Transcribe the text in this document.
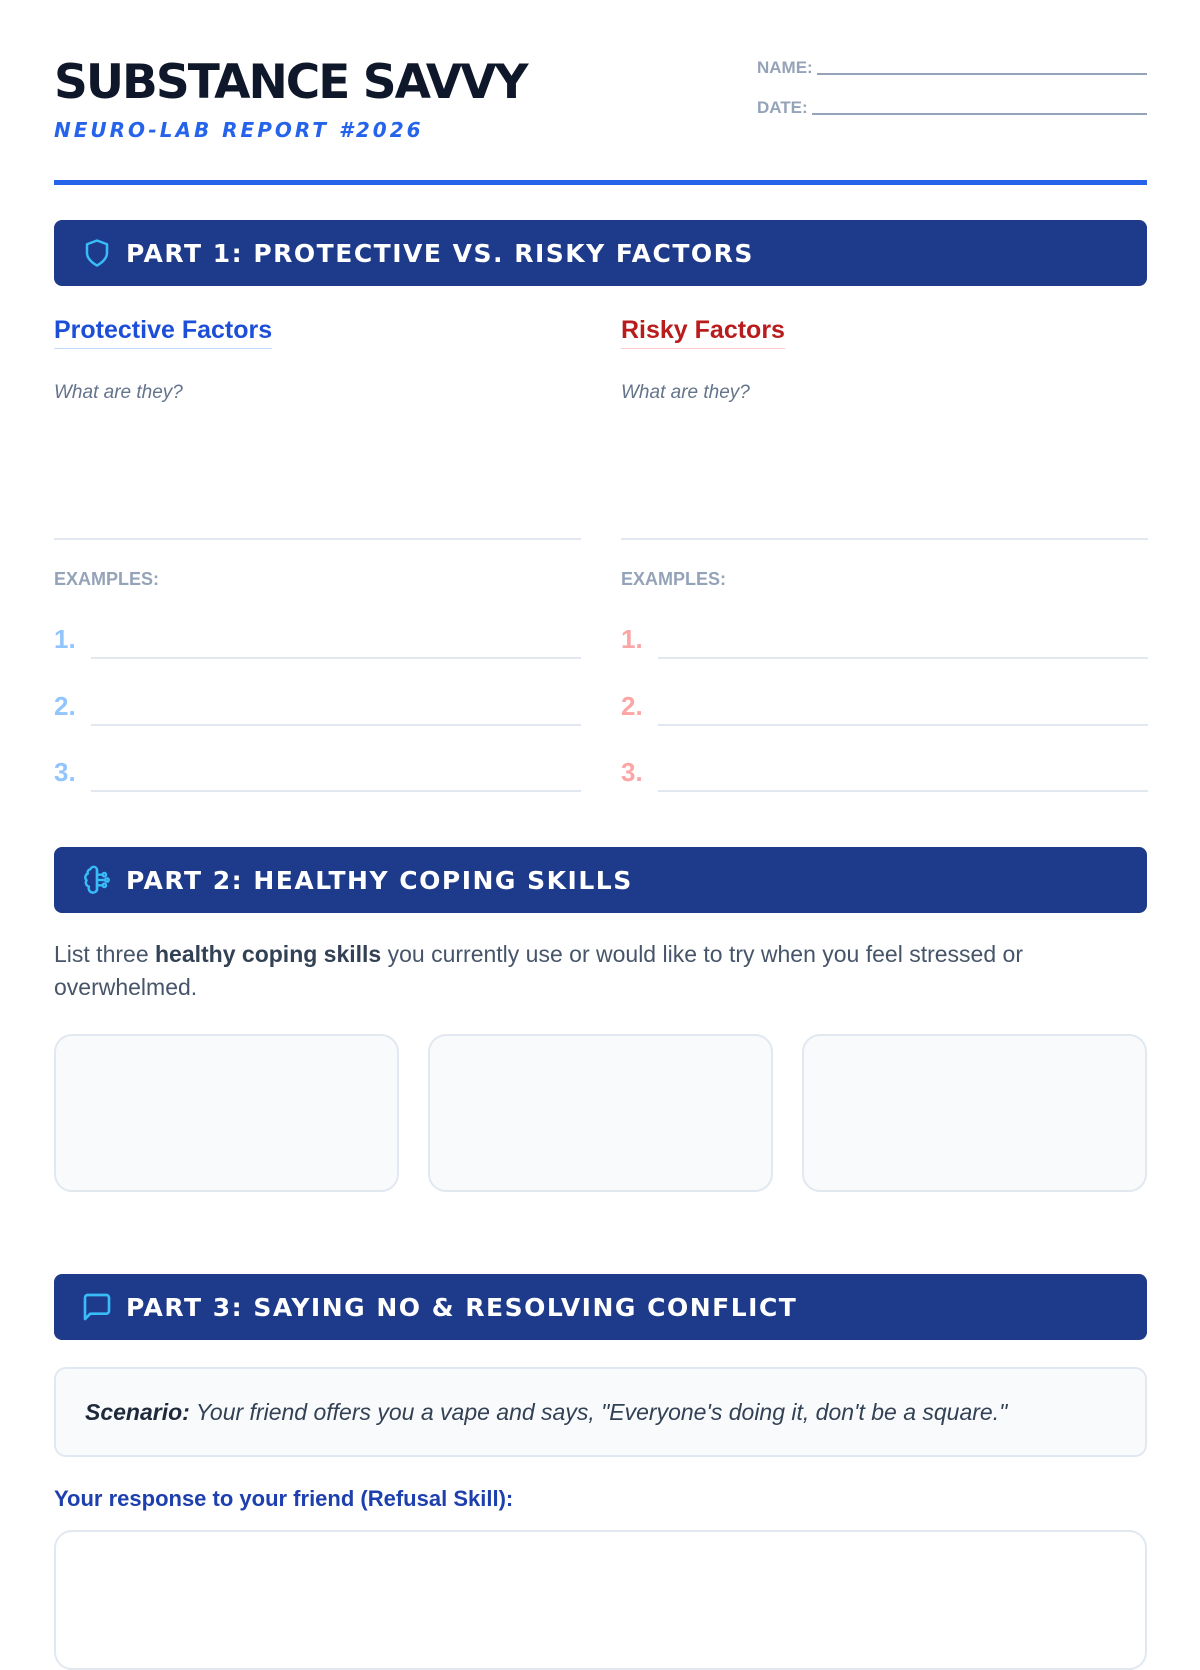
SUBSTANCE SAVVY
NEURO-LAB REPORT #2026
NAME:
DATE:
PART 1: PROTECTIVE VS. RISKY FACTORS
Protective Factors
What are they?
EXAMPLES:
1.
2.
3.
Risky Factors
What are they?
EXAMPLES:
1.
2.
3.
PART 2: HEALTHY COPING SKILLS

List three healthy coping skills you currently use or would like to try when you feel stressed or overwhelmed.

PART 3: SAYING NO & RESOLVING CONFLICT
Scenario: Your friend offers you a vape and says, "Everyone's doing it, don't be a square."
Your response to your friend (Refusal Skill):
